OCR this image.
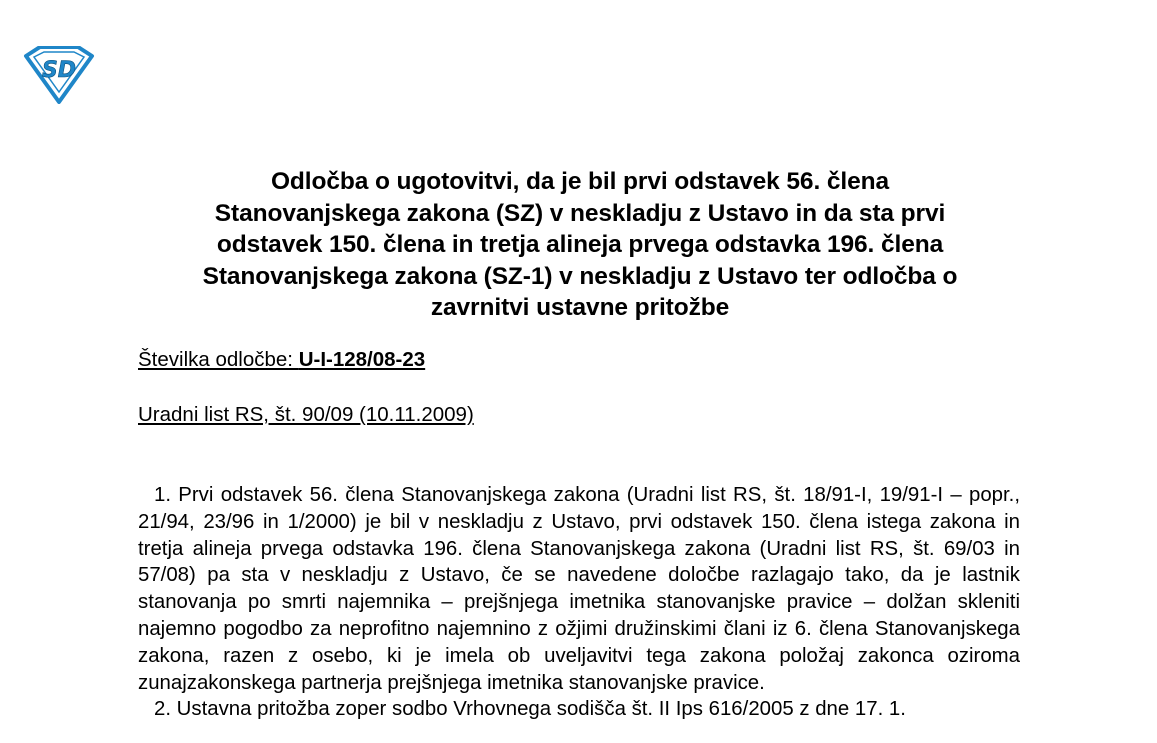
SD
Odločba o ugotovitvi, da je bil prvi odstavek 56. člena
Stanovanjskega zakona (SZ) v neskladju z Ustavo in da sta prvi
odstavek 150. člena in tretja alineja prvega odstavka 196. člena
Stanovanjskega zakona (SZ-1) v neskladju z Ustavo ter odločba o
zavrnitvi ustavne pritožbe
Številka odločbe: U-I-128/08-23
Uradni list RS, št. 90/09 (10.11.2009)

1. Prvi odstavek 56. člena Stanovanjskega zakona (Uradni list RS, št. 18/91-I, 19/91-I – popr., 21/94, 23/96 in 1/2000) je bil v neskladju z Ustavo, prvi odstavek 150. člena istega zakona in tretja alineja prvega odstavka 196. člena Stanovanjskega zakona (Uradni list RS, št. 69/03 in 57/08) pa sta v neskladju z Ustavo, če se navedene določbe razlagajo tako, da je lastnik stanovanja po smrti najemnika – prejšnjega imetnika stanovanjske pravice – dolžan skleniti najemno pogodbo za neprofitno najemnino z ožjimi družinskimi člani iz 6. člena Stanovanjskega zakona, razen z osebo, ki je imela ob uveljavitvi tega zakona položaj zakonca oziroma zunajzakonskega partnerja prejšnjega imetnika stanovanjske pravice.

2. Ustavna pritožba zoper sodbo Vrhovnega sodišča št. II Ips 616/2005 z dne 17. 1.
